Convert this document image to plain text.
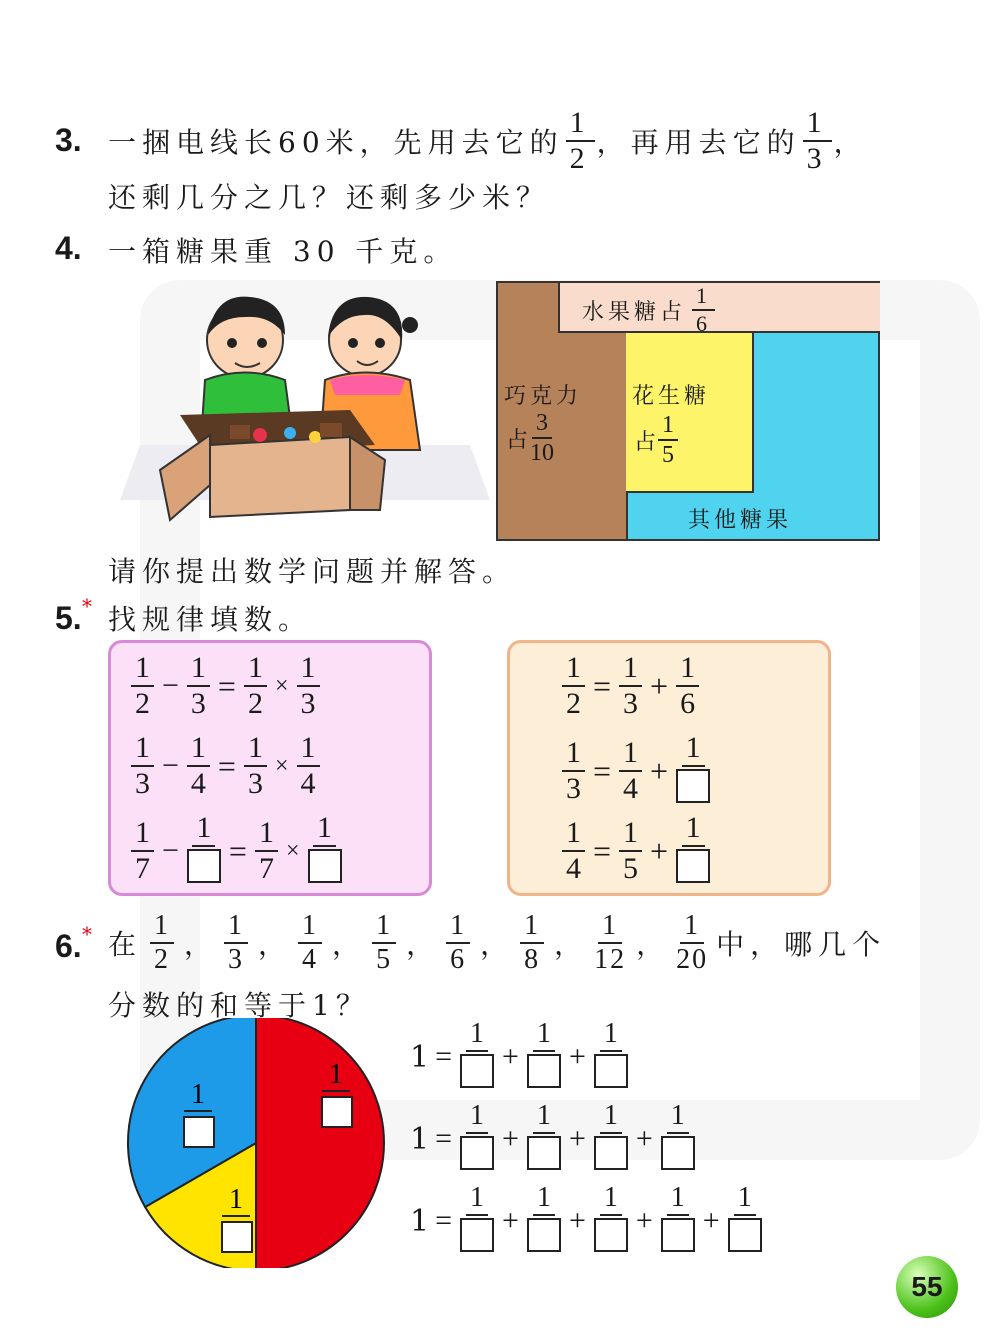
3. 一捆电线长60米，先用去它的 $\frac{1}{2}$ ，再用去它的 $\frac{1}{3}$ ，
还剩几分之几？还剩多少米？
4. 一箱糖果重 30 千克。
水果糖占 $\frac{1}{6}$
巧克力
占 $\frac{3}{10}$
花生糖
占 $\frac{1}{5}$
其他糖果
请你提出数学问题并解答。
5. * 找规律填数。
$\frac{1}{2} - \frac{1}{3} = \frac{1}{2} \times \frac{1}{3}$
$\frac{1}{3} - \frac{1}{4} = \frac{1}{3} \times \frac{1}{4}$
$\frac{1}{7}$ −
1
= $\frac{1}{7}$ ×
1
$\frac{1}{2} = \frac{1}{3} + \frac{1}{6}$
$\frac{1}{3} = \frac{1}{4}$ +
1
$\frac{1}{4} = \frac{1}{5}$ +
1
6. * 在 $\frac{1}{2}$ ， $\frac{1}{3}$ ， $\frac{1}{4}$ ， $\frac{1}{5}$ ， $\frac{1}{6}$ ， $\frac{1}{8}$ ， $\frac{1}{12}$ ， $\frac{1}{20}$ 中，哪几个
分数的和等于1？
1
1
1
1 =
1
+
1
+
1
1 =
1
+
1
+
1
+
1
1 =
1
+
1
+
1
+
1
+
1
55
